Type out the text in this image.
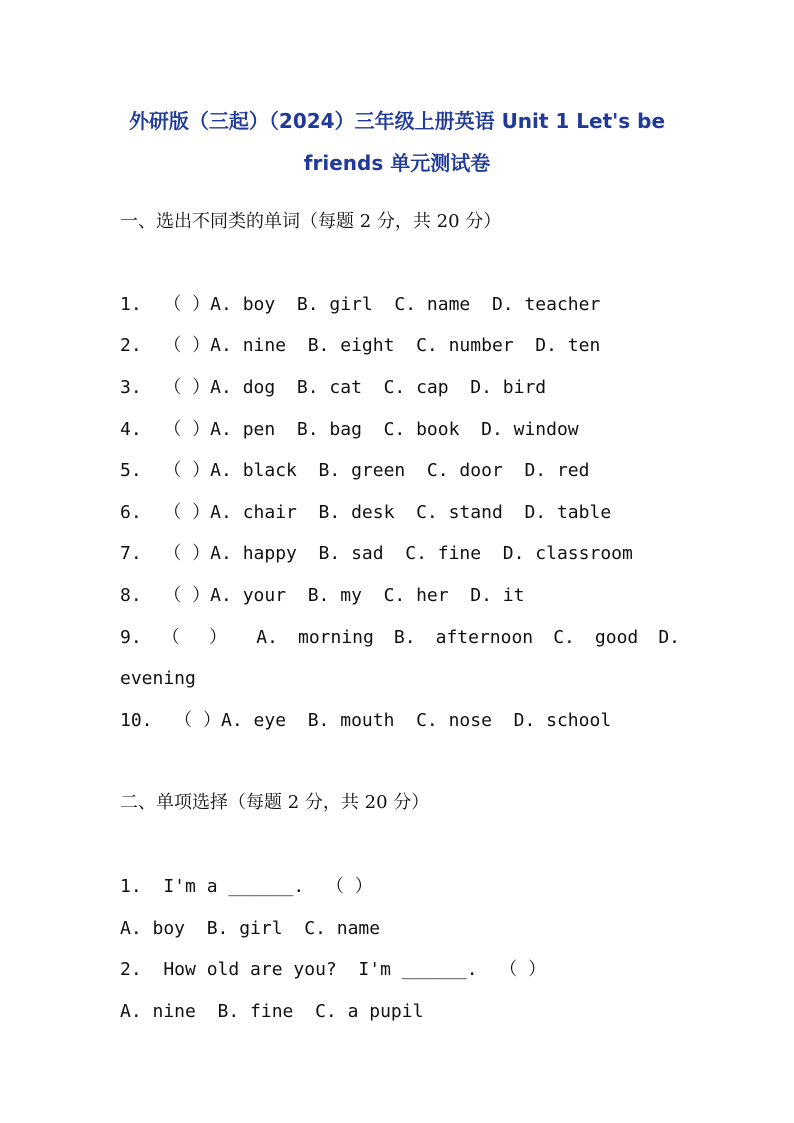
外研版（三起）（2024）三年级上册英语 Unit 1 Let's be friends 单元测试卷
一、选出不同类的单词（每题 2 分，共 20 分）
1.  （ ）A. boy  B. girl  C. name  D. teacher
2.  （ ）A. nine  B. eight  C. number  D. ten
3.  （ ）A. dog  B. cat  C. cap  D. bird
4.  （ ）A. pen  B. bag  C. book  D. window
5.  （ ）A. black  B. green  C. door  D. red
6.  （ ）A. chair  B. desk  C. stand  D. table
7.  （ ）A. happy  B. sad  C. fine  D. classroom
8.  （ ）A. your  B. my  C. her  D. it
9. （ ） A. morning B. afternoon C. good D.
evening
10.  （ ）A. eye  B. mouth  C. nose  D. school
二、单项选择（每题 2 分，共 20 分）
1.  I'm a ______.  （ ）
A. boy  B. girl  C. name
2.  How old are you?  I'm ______.  （ ）
A. nine  B. fine  C. a pupil
